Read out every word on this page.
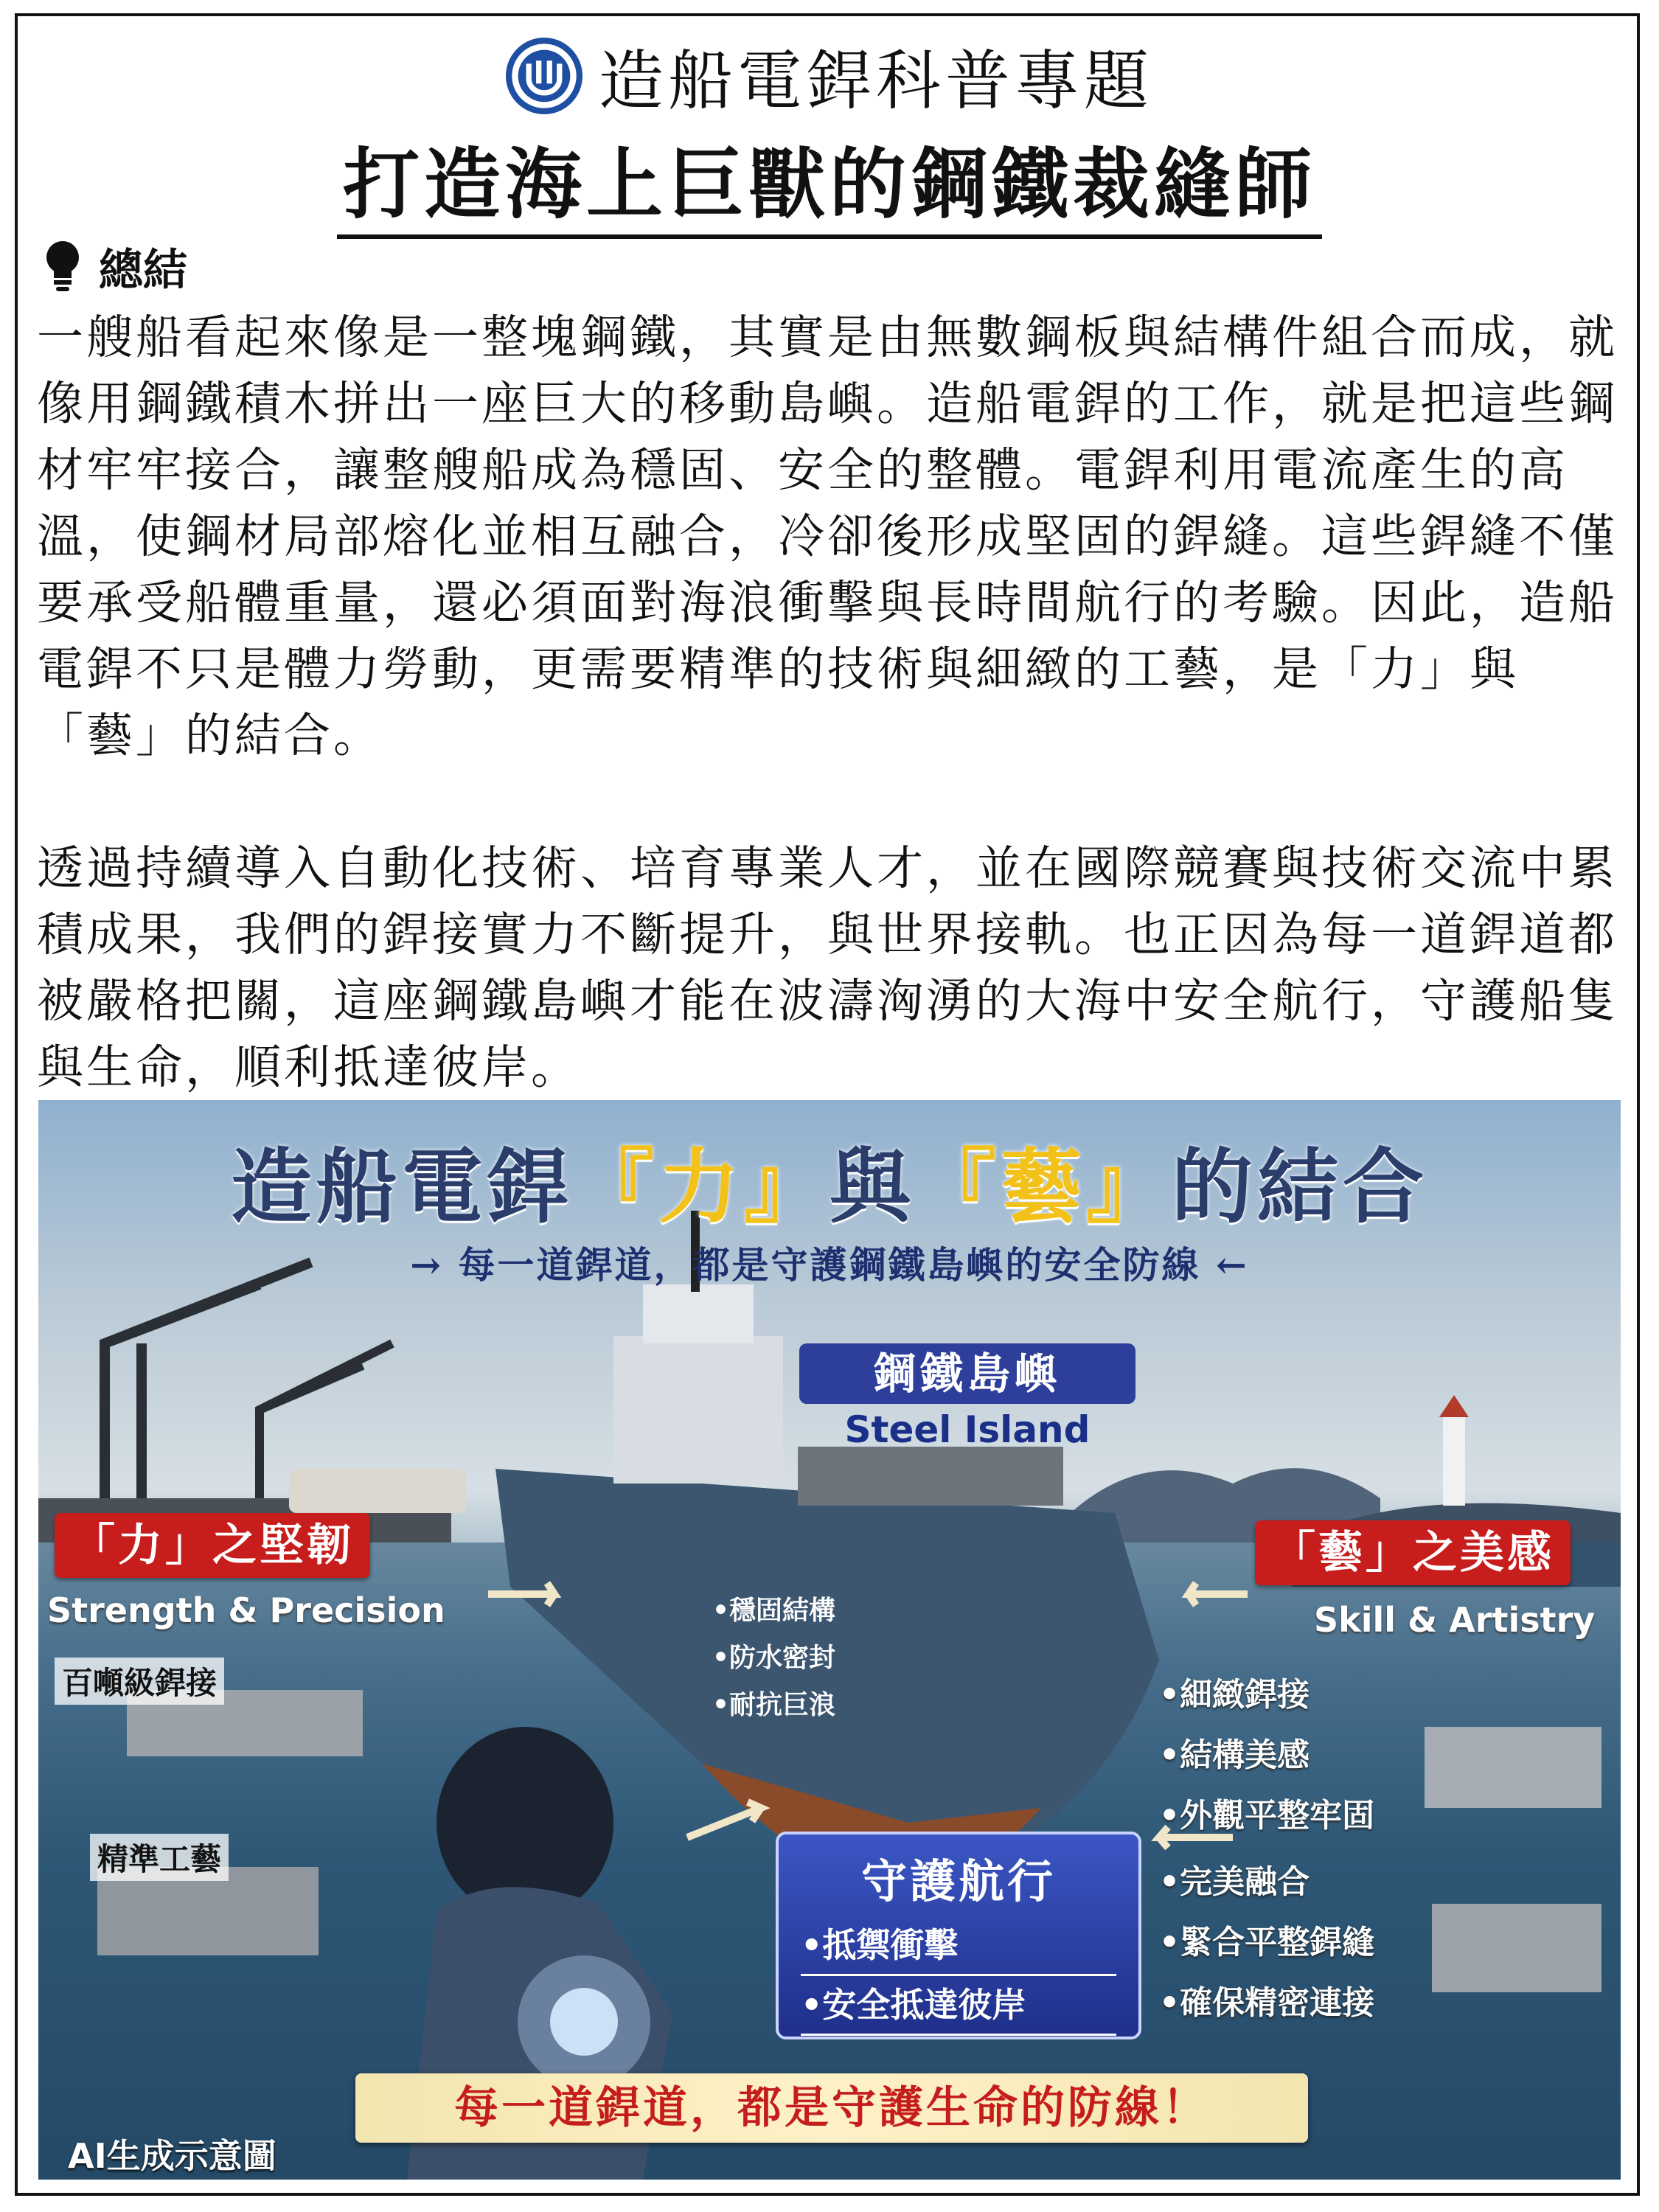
造船電銲科普專題
打造海上巨獸的鋼鐵裁縫師
總結

一艘船看起來像是一整塊鋼鐵，其實是由無數鋼板與結構件組合而成，就像用鋼鐵積木拼出一座巨大的移動島嶼。造船電銲的工作，就是把這些鋼材牢牢接合，讓整艘船成為穩固、安全的整體。電銲利用電流產生的高溫，使鋼材局部熔化並相互融合，冷卻後形成堅固的銲縫。這些銲縫不僅要承受船體重量，還必須面對海浪衝擊與長時間航行的考驗。因此，造船電銲不只是體力勞動，更需要精準的技術與細緻的工藝，是「力」與「藝」的結合。

透過持續導入自動化技術、培育專業人才，並在國際競賽與技術交流中累積成果，我們的銲接實力不斷提升，與世界接軌。也正因為每一道銲道都被嚴格把關，這座鋼鐵島嶼才能在波濤洶湧的大海中安全航行，守護船隻與生命，順利抵達彼岸。

造船電銲『力』與『藝』的結合
→ 每一道銲道，都是守護鋼鐵島嶼的安全防線 ←
鋼鐵島嶼
Steel Island
「力」之堅韌
Strength & Precision
「藝」之美感
Skill & Artistry
百噸級銲接
精準工藝
•穩固結構
•防水密封
•耐抗巨浪	•細緻銲接
•結構美感
•外觀平整牢固
•完美融合
•緊合平整銲縫
•確保精密連接
守護航行
•抵禦衝擊
•安全抵達彼岸
每一道銲道，都是守護生命的防線！
AI生成示意圖
